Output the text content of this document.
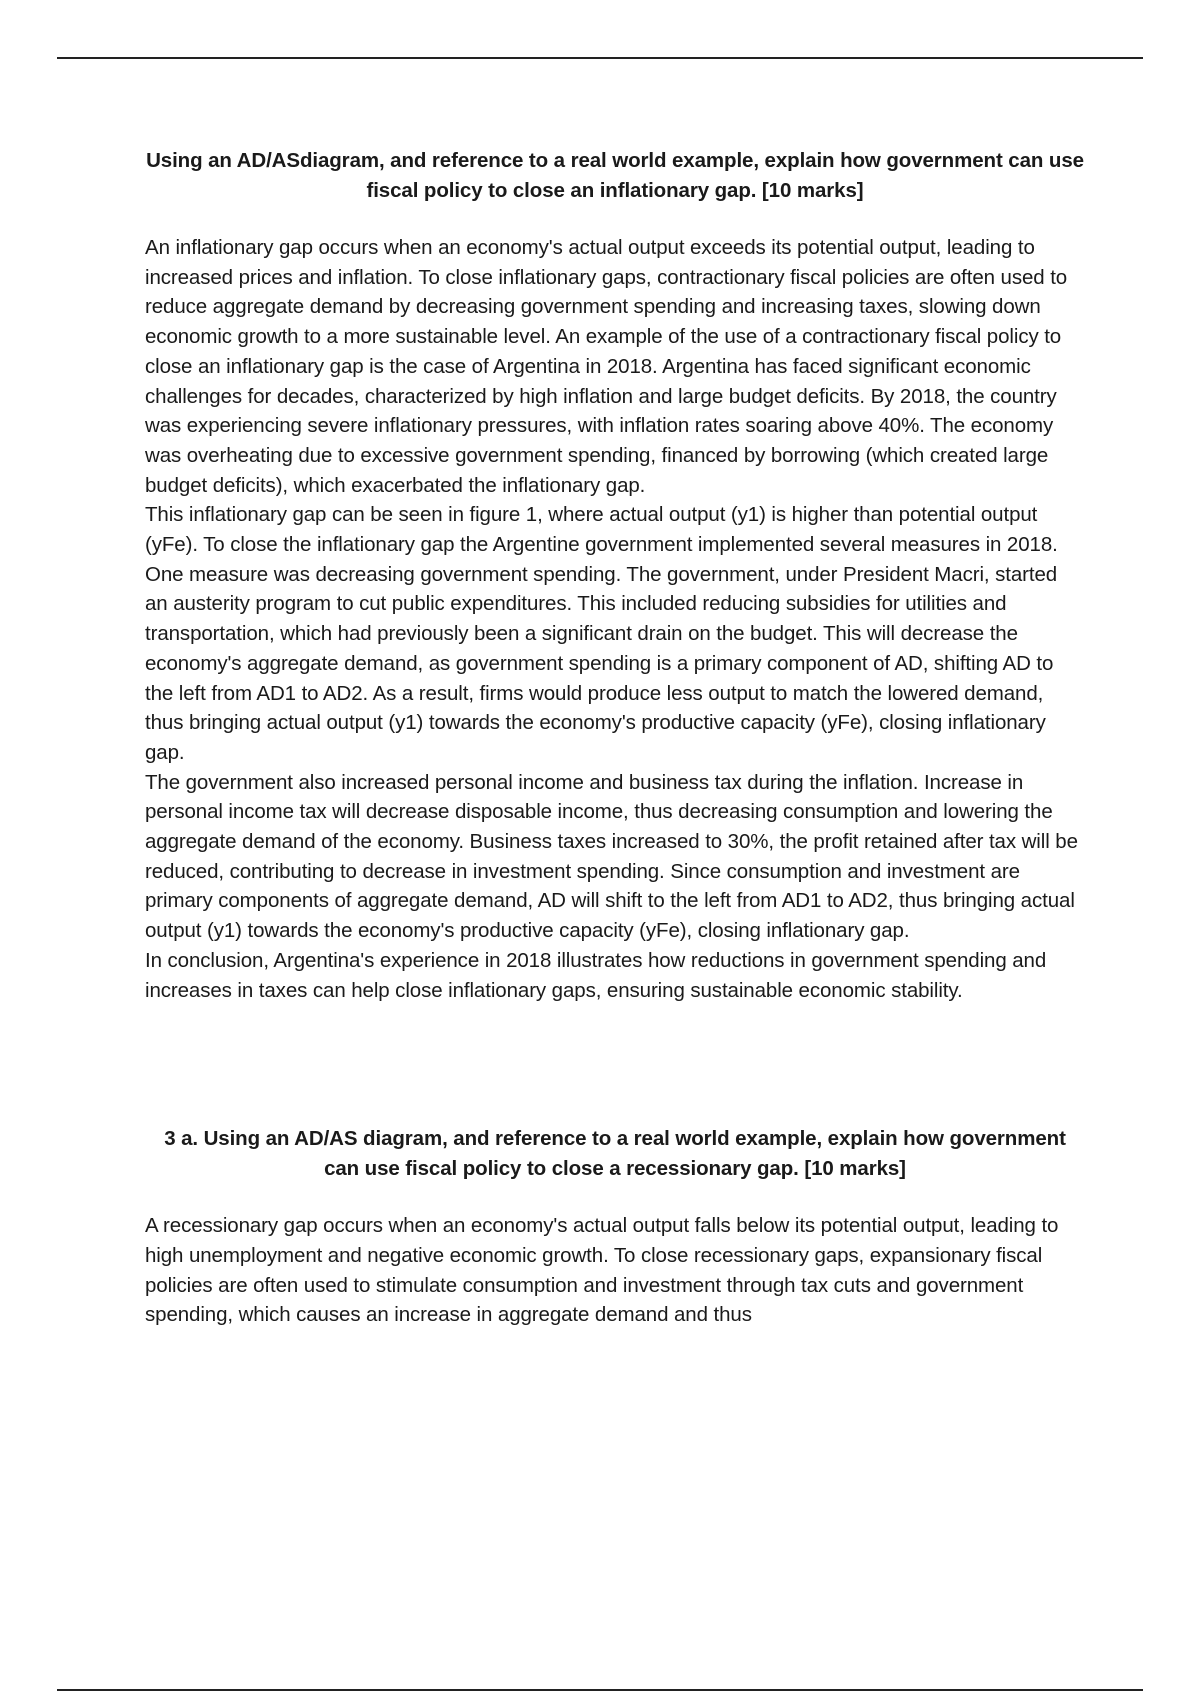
Using an AD/ASdiagram, and reference to a real world example, explain how government can use fiscal policy to close an inflationary gap. [10 marks]

An inflationary gap occurs when an economy's actual output exceeds its potential output, leading to increased prices and inflation. To close inflationary gaps, contractionary fiscal policies are often used to reduce aggregate demand by decreasing government spending and increasing taxes, slowing down economic growth to a more sustainable level. An example of the use of a contractionary fiscal policy to close an inflationary gap is the case of Argentina in 2018. Argentina has faced significant economic challenges for decades, characterized by high inflation and large budget deficits. By 2018, the country was experiencing severe inflationary pressures, with inflation rates soaring above 40%. The economy was overheating due to excessive government spending, financed by borrowing (which created large budget deficits), which exacerbated the inflationary gap.

This inflationary gap can be seen in figure 1, where actual output (y1) is higher than potential output (yFe). To close the inflationary gap the Argentine government implemented several measures in 2018.

One measure was decreasing government spending. The government, under President Macri, started an austerity program to cut public expenditures. This included reducing subsidies for utilities and transportation, which had previously been a significant drain on the budget. This will decrease the economy's aggregate demand, as government spending is a primary component of AD, shifting AD to the left from AD1 to AD2. As a result, firms would produce less output to match the lowered demand, thus bringing actual output (y1) towards the economy's productive capacity (yFe), closing inflationary gap.

The government also increased personal income and business tax during the inflation. Increase in personal income tax will decrease disposable income, thus decreasing consumption and lowering the aggregate demand of the economy. Business taxes increased to 30%, the profit retained after tax will be reduced, contributing to decrease in investment spending. Since consumption and investment are primary components of aggregate demand, AD will shift to the left from AD1 to AD2, thus bringing actual output (y1) towards the economy's productive capacity (yFe), closing inflationary gap.

In conclusion, Argentina's experience in 2018 illustrates how reductions in government spending and increases in taxes can help close inflationary gaps, ensuring sustainable economic stability.

3 a. Using an AD/AS diagram, and reference to a real world example, explain how government can use fiscal policy to close a recessionary gap. [10 marks]

A recessionary gap occurs when an economy's actual output falls below its potential output, leading to high unemployment and negative economic growth. To close recessionary gaps, expansionary fiscal policies are often used to stimulate consumption and investment through tax cuts and government spending, which causes an increase in aggregate demand and thus
